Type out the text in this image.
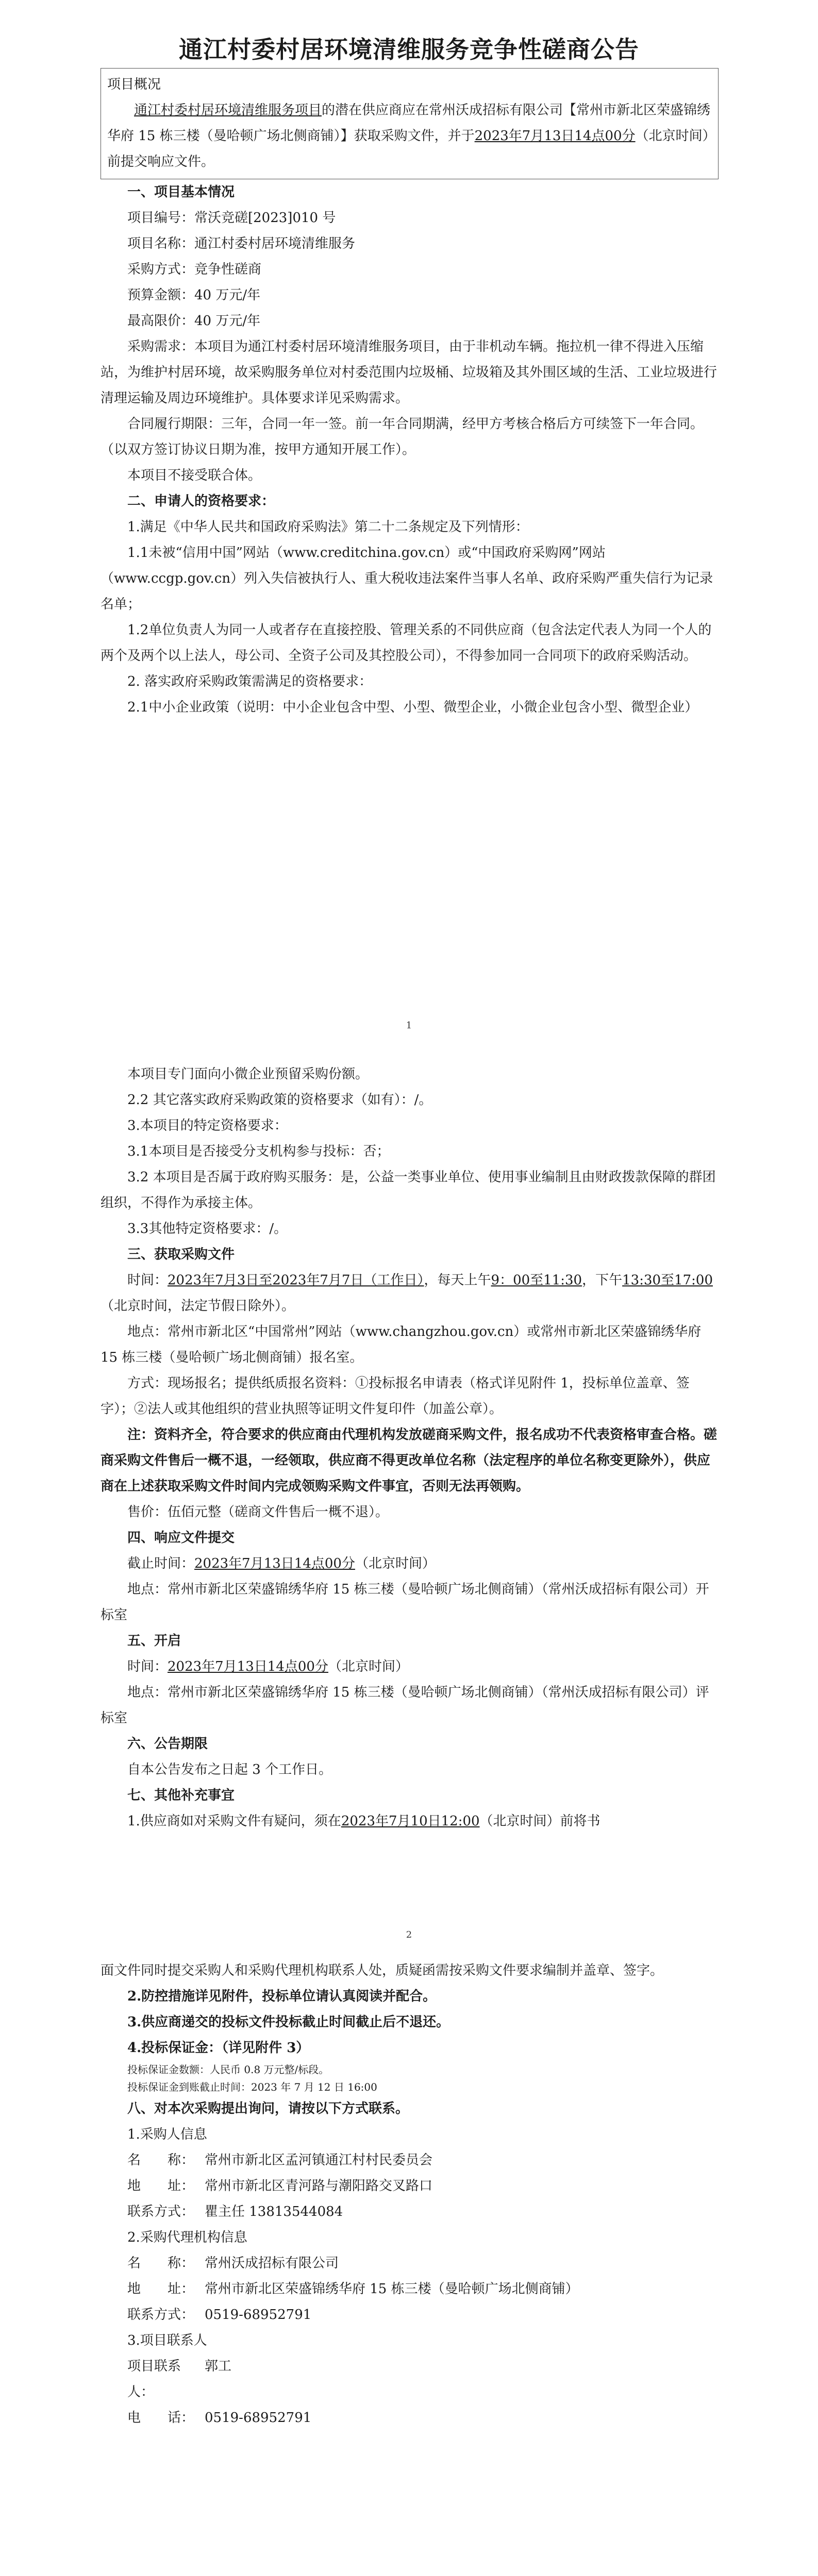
通江村委村居环境清维服务竞争性磋商公告
项目概况
通江村委村居环境清维服务项目的潜在供应商应在常州沃成招标有限公司【常州市新北区荣盛锦绣华府 15 栋三楼（曼哈顿广场北侧商铺）】获取采购文件，并于2023年7月13日14点00分（北京时间）前提交响应文件。

一、项目基本情况

项目编号：常沃竞磋[2023]010 号

项目名称：通江村委村居环境清维服务

采购方式：竞争性磋商

预算金额：40 万元/年

最高限价：40 万元/年

采购需求：本项目为通江村委村居环境清维服务项目，由于非机动车辆。拖拉机一律不得进入压缩站，为维护村居环境，故采购服务单位对村委范围内垃圾桶、垃圾箱及其外围区域的生活、工业垃圾进行清理运输及周边环境维护。具体要求详见采购需求。

合同履行期限：三年，合同一年一签。前一年合同期满，经甲方考核合格后方可续签下一年合同。（以双方签订协议日期为准，按甲方通知开展工作）。

本项目不接受联合体。

二、申请人的资格要求：

1.满足《中华人民共和国政府采购法》第二十二条规定及下列情形：

1.1未被“信用中国”网站（www.creditchina.gov.cn）或“中国政府采购网”网站（www.ccgp.gov.cn）列入失信被执行人、重大税收违法案件当事人名单、政府采购严重失信行为记录名单；

1.2单位负责人为同一人或者存在直接控股、管理关系的不同供应商（包含法定代表人为同一个人的两个及两个以上法人，母公司、全资子公司及其控股公司），不得参加同一合同项下的政府采购活动。

2. 落实政府采购政策需满足的资格要求：

2.1中小企业政策（说明：中小企业包含中型、小型、微型企业，小微企业包含小型、微型企业）

1

本项目专门面向小微企业预留采购份额。

2.2 其它落实政府采购政策的资格要求（如有）：/。

3.本项目的特定资格要求：

3.1本项目是否接受分支机构参与投标：否；

3.2 本项目是否属于政府购买服务：是，公益一类事业单位、使用事业编制且由财政拨款保障的群团组织，不得作为承接主体。

3.3其他特定资格要求：/。

三、获取采购文件

时间：2023年7月3日至2023年7月7日（工作日），每天上午9：00至11:30，下午13:30至17:00（北京时间，法定节假日除外）。

地点：常州市新北区“中国常州”网站（www.changzhou.gov.cn）或常州市新北区荣盛锦绣华府 15 栋三楼（曼哈顿广场北侧商铺）报名室。

方式：现场报名；提供纸质报名资料：①投标报名申请表（格式详见附件 1，投标单位盖章、签字）；②法人或其他组织的营业执照等证明文件复印件（加盖公章）。

注：资料齐全，符合要求的供应商由代理机构发放磋商采购文件，报名成功不代表资格审查合格。磋商采购文件售后一概不退，一经领取，供应商不得更改单位名称（法定程序的单位名称变更除外），供应商在上述获取采购文件时间内完成领购采购文件事宜，否则无法再领购。

售价：伍佰元整（磋商文件售后一概不退）。

四、响应文件提交

截止时间：2023年7月13日14点00分（北京时间）

地点：常州市新北区荣盛锦绣华府 15 栋三楼（曼哈顿广场北侧商铺）（常州沃成招标有限公司）开标室

五、开启

时间：2023年7月13日14点00分（北京时间）

地点：常州市新北区荣盛锦绣华府 15 栋三楼（曼哈顿广场北侧商铺）（常州沃成招标有限公司）评标室

六、公告期限

自本公告发布之日起 3 个工作日。

七、其他补充事宜

1.供应商如对采购文件有疑问，须在2023年7月10日12:00（北京时间）前将书

2

面文件同时提交采购人和采购代理机构联系人处，质疑函需按采购文件要求编制并盖章、签字。

2.防控措施详见附件，投标单位请认真阅读并配合。

3.供应商递交的投标文件投标截止时间截止后不退还。

4.投标保证金：（详见附件 3）

投标保证金数额：人民币 0.8 万元整/标段。

投标保证金到账截止时间：2023 年 7 月 12 日 16:00

八、对本次采购提出询问，请按以下方式联系。

1.采购人信息

名　　称： 常州市新北区孟河镇通江村村民委员会

地　　址： 常州市新北区青河路与潮阳路交叉路口

联系方式： 瞿主任 13813544084

2.采购代理机构信息

名　　称： 常州沃成招标有限公司

地　　址： 常州市新北区荣盛锦绣华府 15 栋三楼（曼哈顿广场北侧商铺）

联系方式： 0519-68952791

3.项目联系人

项目联系人：
郭工

电　　话： 0519-68952791
